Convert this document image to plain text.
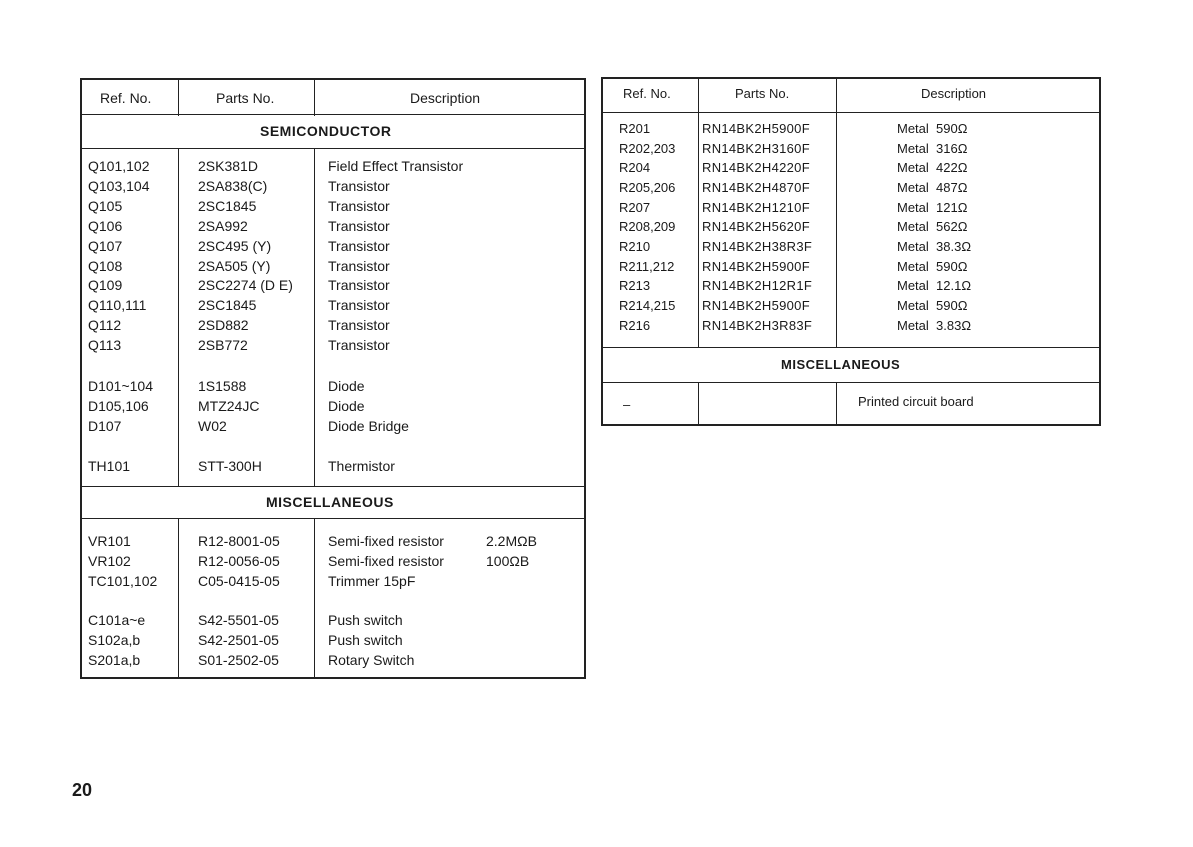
Ref. No.	Parts No.	Description
SEMICONDUCTOR
MISCELLANEOUS
Q101,102	2SK381D	Field Effect Transistor
Q103,104	2SA838(C)	Transistor
Q105	2SC1845	Transistor
Q106	2SA992	Transistor
Q107	2SC495 (Y)	Transistor
Q108	2SA505 (Y)	Transistor
Q109	2SC2274 (D E)	Transistor
Q110,111	2SC1845	Transistor
Q112	2SD882	Transistor
Q113	2SB772	Transistor
D101~104	1S1588	Diode
D105,106	MTZ24JC	Diode
D107	W02	Diode Bridge
TH101	STT-300H	Thermistor
VR101	R12-8001-05	Semi-fixed resistor	2.2MΩB
VR102	R12-0056-05	Semi-fixed resistor	100ΩB
TC101,102	C05-0415-05	Trimmer 15pF
C101a~e	S42-5501-05	Push switch
S102a,b	S42-2501-05	Push switch
S201a,b	S01-2502-05	Rotary Switch
Ref. No.	Parts No.	Description
R201	RN14BK2H5900F	Metal  590Ω
R202,203 RN14BK2H3160F	Metal  316Ω
R204	RN14BK2H4220F	Metal  422Ω
R205,206 RN14BK2H4870F	Metal  487Ω
R207	RN14BK2H1210F	Metal  121Ω
R208,209 RN14BK2H5620F	Metal  562Ω
R210	RN14BK2H38R3F	Metal  38.3Ω
R211,212 RN14BK2H5900F	Metal  590Ω
R213	RN14BK2H12R1F	Metal  12.1Ω
R214,215 RN14BK2H5900F	Metal  590Ω
R216	RN14BK2H3R83F	Metal  3.83Ω
MISCELLANEOUS
–	Printed circuit board
20
